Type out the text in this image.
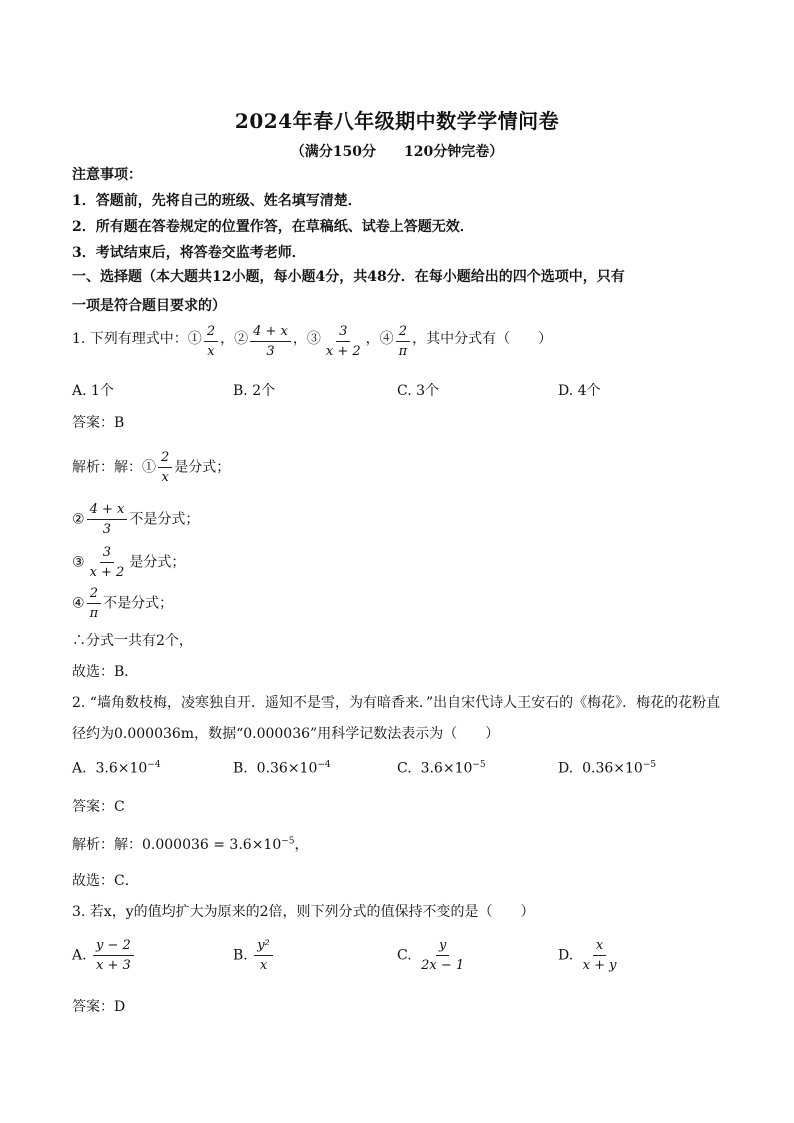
2024年春八年级期中数学学情问卷
（满分150分 120分钟完卷）
注意事项：
1．答题前，先将自己的班级、姓名填写清楚．
2．所有题在答卷规定的位置作答，在草稿纸、试卷上答题无效．
3．考试结束后，将答卷交监考老师．
一、选择题（本大题共12小题，每小题4分，共48分．在每小题给出的四个选项中，只有
一项是符合题目要求的）
1. 下列有理式中：① $\frac{2}{x}$ ，② $\frac{4 + x}{3}$ ，③ $\frac{3}{x + 2}$ ，④ $\frac{2}{\pi}$ ，其中分式有（　　）
A. 1个	B. 2个	C. 3个	D. 4个
答案：B
解析：解：① $\frac{2}{x}$ 是分式；
② $\frac{4 + x}{3}$ 不是分式；
③ $\frac{3}{x + 2}$ 是分式；
④ $\frac{2}{\pi}$ 不是分式；
∴分式一共有2个，
故选：B．
2. “墙角数枝梅，凌寒独自开．遥知不是雪，为有暗香来．”出自宋代诗人王安石的《梅花》．梅花的花粉直
径约为0.000036m，数据“0.000036”用科学记数法表示为（　　）
A. $3.6\times 10^{-4}$	B. $0.36\times 10^{-4}$	C. $3.6\times 10^{-5}$	D. $0.36\times 10^{-5}$
答案：C
解析：解：$0.000036 = 3.6\times 10^{-5}$，
故选：C．
3. 若x，y的值均扩大为原来的2倍，则下列分式的值保持不变的是（　　）
A. $\frac{y - 2}{x + 3}$	B. $\frac{\text{y²}}{x}$	C. $\frac{y}{2x - 1}$	D. $\frac{x}{x + y}$
答案：D
